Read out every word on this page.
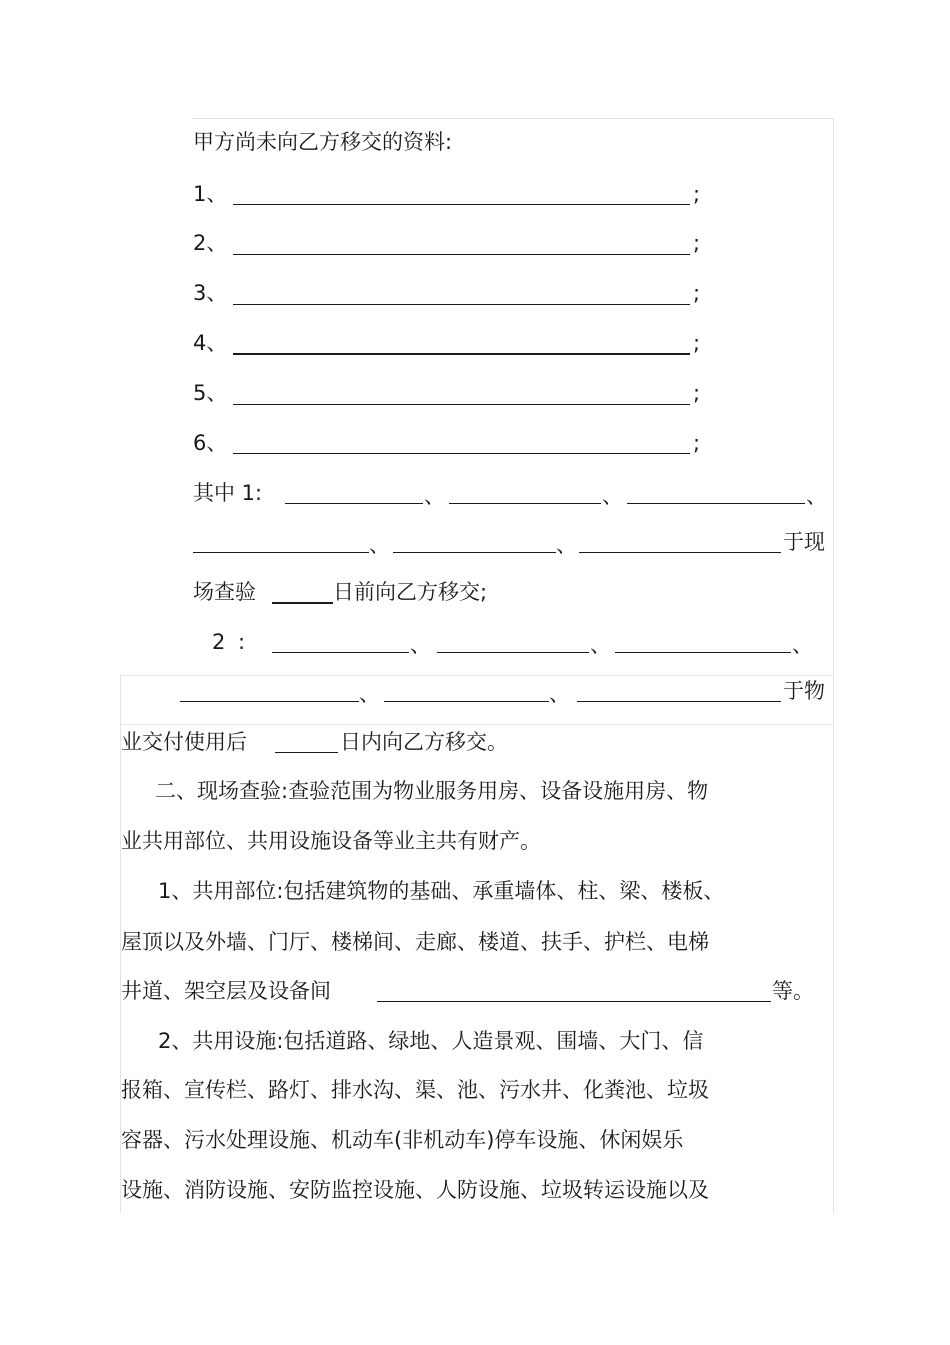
甲方尚未向乙方移交的资料:
1、	;
2、	;
3、	;
4、	;
5、	;
6、	;
其中 1:	、	、	、
、	、	于现
场查验	日前向乙方移交;
2 :	、	、	、
、	、	于物
业交付使用后	日内向乙方移交。
二、现场查验:查验范围为物业服务用房、设备设施用房、物
业共用部位、共用设施设备等业主共有财产。
1、共用部位:包括建筑物的基础、承重墙体、柱、梁、楼板、
屋顶以及外墙、门厅、楼梯间、走廊、楼道、扶手、护栏、电梯
井道、架空层及设备间	等。
2、共用设施:包括道路、绿地、人造景观、围墙、大门、信
报箱、宣传栏、路灯、排水沟、渠、池、污水井、化粪池、垃圾
容器、污水处理设施、机动车(非机动车)停车设施、休闲娱乐
设施、消防设施、安防监控设施、人防设施、垃圾转运设施以及
